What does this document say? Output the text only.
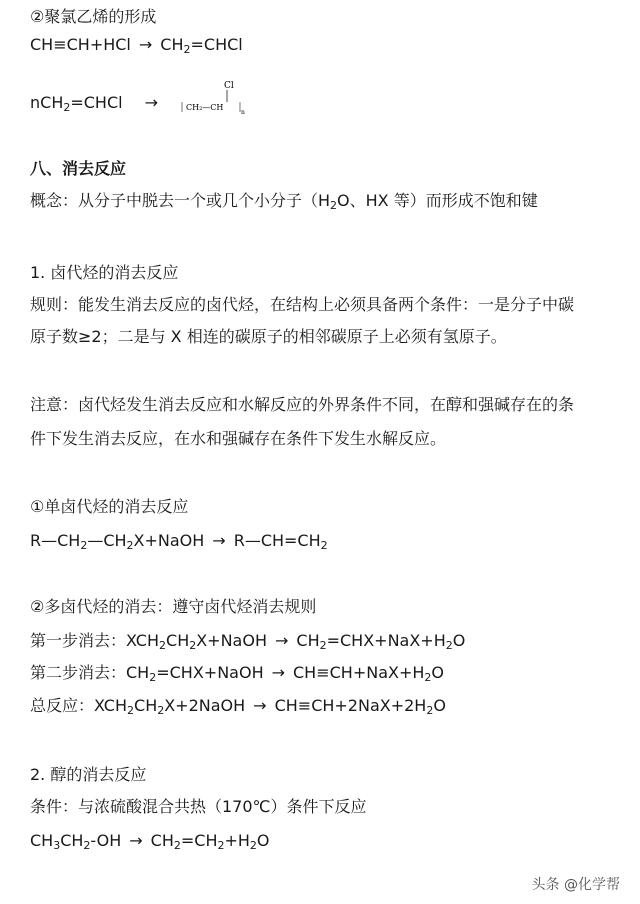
②聚氯乙烯的形成
$CH\equiv CH+HCl \to CH_2=CHCl$
nCH$_2$=CHCl →
Cl
CH₂—CH
n
八、消去反应
概念：从分子中脱去一个或几个小分子（$H_2O$、HX 等）而形成不饱和键
1. 卤代烃的消去反应
规则：能发生消去反应的卤代烃，在结构上必须具备两个条件：一是分子中碳
原子数≥2；二是与 X 相连的碳原子的相邻碳原子上必须有氢原子。
注意：卤代烃发生消去反应和水解反应的外界条件不同，在醇和强碱存在的条
件下发生消去反应，在水和强碱存在条件下发生水解反应。
①单卤代烃的消去反应
$R—CH_2—CH_2X+NaOH$ → $R—CH=CH_2$
②多卤代烃的消去：遵守卤代烃消去规则
第一步消去：$XCH_2CH_2X+NaOH \to CH_2=CHX+NaX+H_2O$
第二步消去：$CH_2=CHX+NaOH \to CH\equiv CH+NaX+H_2O$
总反应：$XCH_2CH_2X+2NaOH \to CH\equiv CH+2NaX+2H_2O$
2. 醇的消去反应
条件：与浓硫酸混合共热（170℃）条件下反应
$CH_3CH_2-OH \to CH_2=CH_2+H_2O$
头条 @化学帮
